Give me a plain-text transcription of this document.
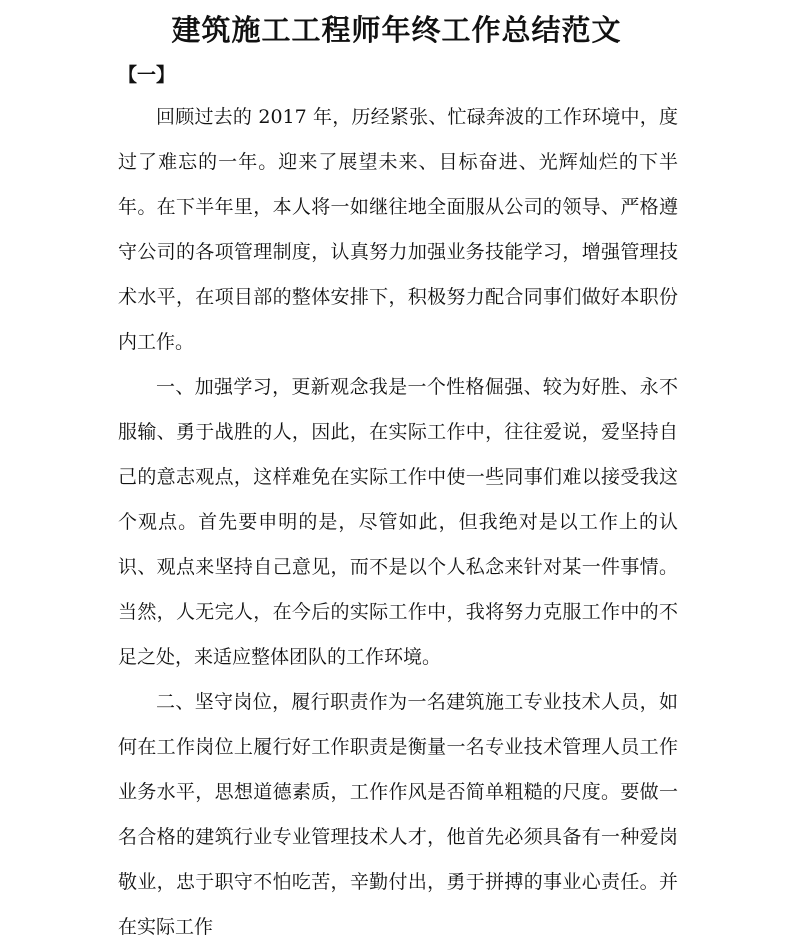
建筑施工工程师年终工作总结范文
【一】

回顾过去的 2017 年，历经紧张、忙碌奔波的工作环境中，度过了难忘的一年。迎来了展望未来、目标奋进、光辉灿烂的下半年。在下半年里，本人将一如继往地全面服从公司的领导、严格遵守公司的各项管理制度，认真努力加强业务技能学习，增强管理技术水平，在项目部的整体安排下，积极努力配合同事们做好本职份内工作。

一、加强学习，更新观念我是一个性格倔强、较为好胜、永不服输、勇于战胜的人，因此，在实际工作中，往往爱说，爱坚持自己的意志观点，这样难免在实际工作中使一些同事们难以接受我这个观点。首先要申明的是，尽管如此，但我绝对是以工作上的认识、观点来坚持自己意见，而不是以个人私念来针对某一件事情。当然，人无完人，在今后的实际工作中，我将努力克服工作中的不足之处，来适应整体团队的工作环境。

二、坚守岗位，履行职责作为一名建筑施工专业技术人员，如何在工作岗位上履行好工作职责是衡量一名专业技术管理人员工作业务水平，思想道德素质，工作作风是否简单粗糙的尺度。要做一名合格的建筑行业专业管理技术人才，他首先必须具备有一种爱岗敬业，忠于职守不怕吃苦，辛勤付出，勇于拼搏的事业心责任。并在实际工作
